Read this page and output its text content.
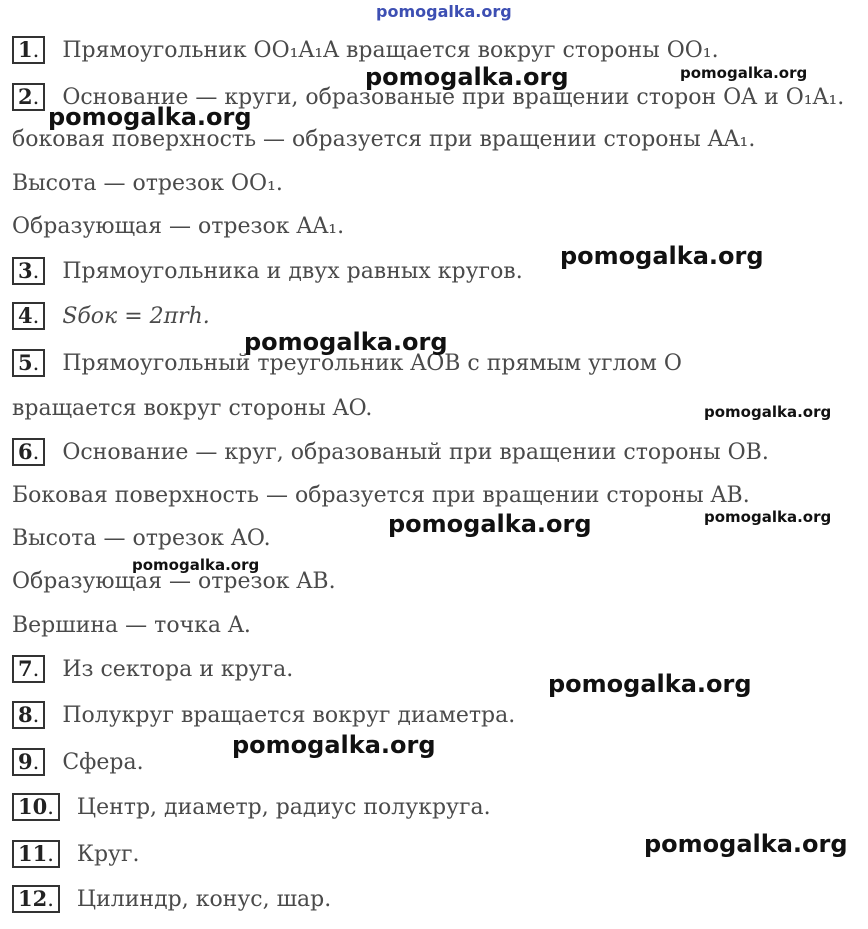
pomogalka.org
1. Прямоугольник OO₁A₁A вращается вокруг стороны OO₁.
2. Основание — круги, образованые при вращении сторон OA и O₁A₁.
боковая поверхность — образуется при вращении стороны AA₁.
Высота — отрезок OO₁.
Образующая — отрезок AA₁.
3. Прямоугольника и двух равных кругов.
4. Sбок = 2πrh.
5. Прямоугольный треугольник AOB с прямым углом O
вращается вокруг стороны AO.
6. Основание — круг, образованый при вращении стороны OB.
Боковая поверхность — образуется при вращении стороны AB.
Высота — отрезок AO.
Образующая — отрезок AB.
Вершина — точка A.
7. Из сектора и круга.
8. Полукруг вращается вокруг диаметра.
9. Сфера.
10. Центр, диаметр, радиус полукруга.
11. Круг.
12. Цилиндр, конус, шар.
pomogalka.org	pomogalka.org
pomogalka.org
pomogalka.org
pomogalka.org
pomogalka.org
pomogalka.org	pomogalka.org
pomogalka.org
pomogalka.org
pomogalka.org
pomogalka.org
